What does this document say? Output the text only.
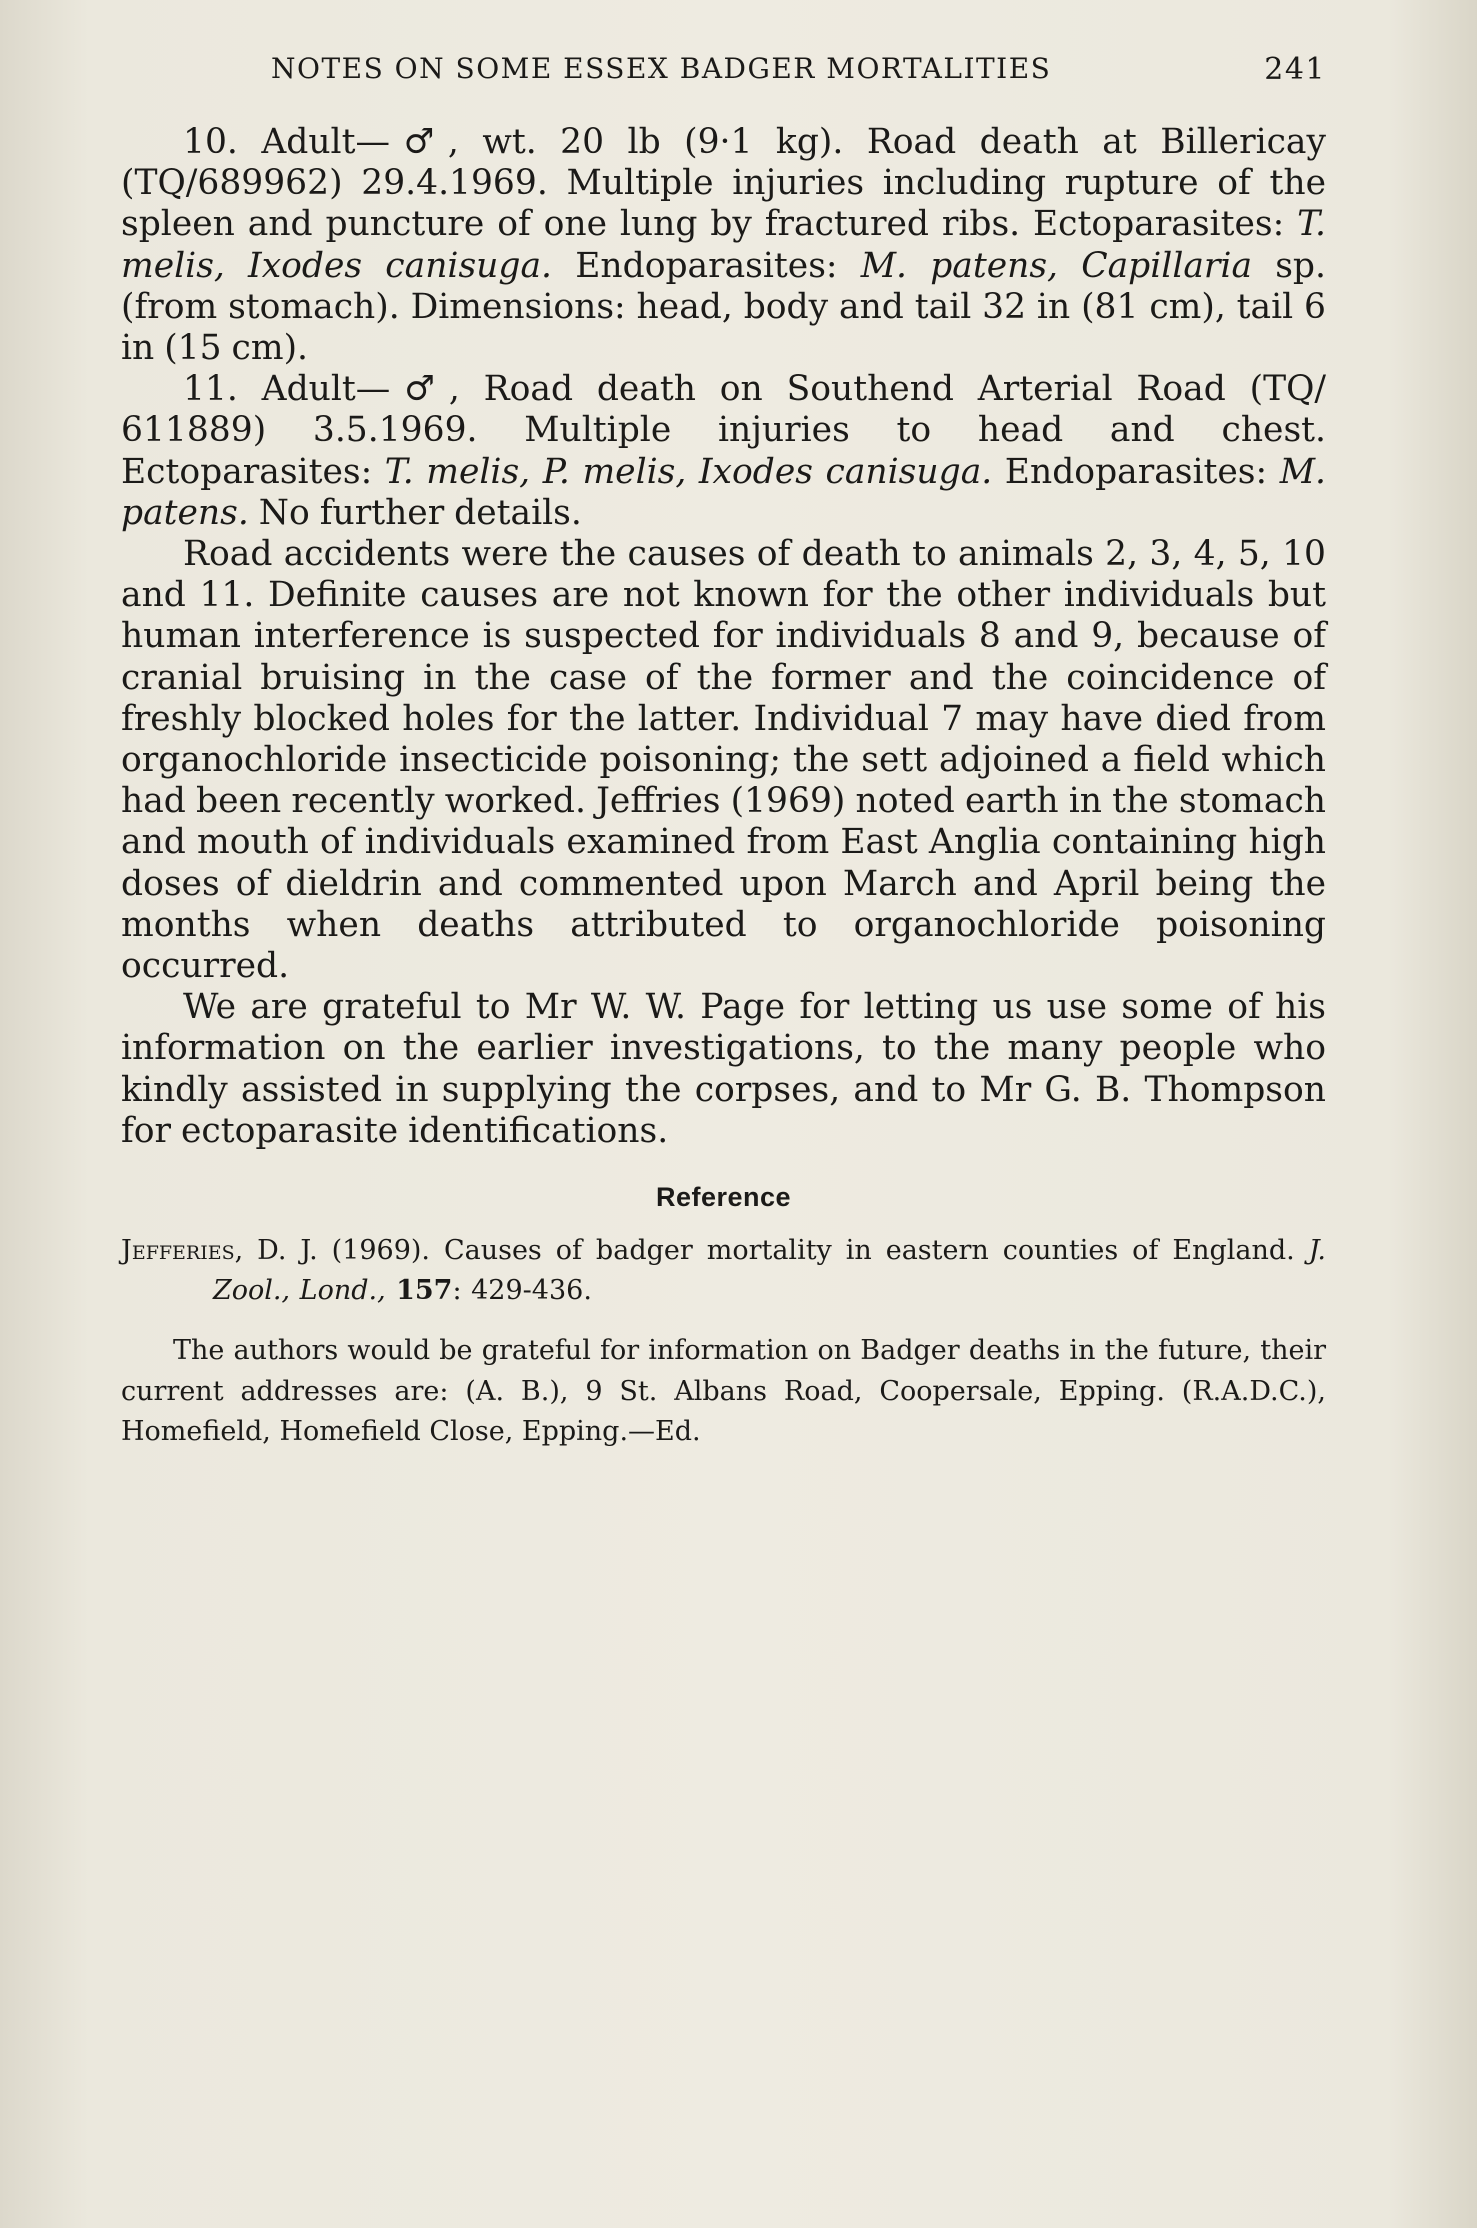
NOTES ON SOME ESSEX BADGER MORTALITIES	241

10. Adult—♂, wt. 20 lb (9·1 kg). Road death at Billericay (TQ/689962) 29.4.1969. Multiple injuries including rupture of the spleen and puncture of one lung by fractured ribs. Ectoparasites: T. melis, Ixodes canisuga. Endoparasites: M. patens, Capillaria sp. (from stomach). Dimensions: head, body and tail 32 in (81 cm), tail 6 in (15 cm).

11. Adult—♂, Road death on Southend Arterial Road (TQ/ 611889) 3.5.1969. Multiple injuries to head and chest. Ectoparasites: T. melis, P. melis, Ixodes canisuga. Endoparasites: M. patens. No further details.

Road accidents were the causes of death to animals 2, 3, 4, 5, 10 and 11. Definite causes are not known for the other individuals but human interference is suspected for individuals 8 and 9, because of cranial bruising in the case of the former and the coincidence of freshly blocked holes for the latter. Individual 7 may have died from organochloride insecticide poisoning; the sett adjoined a field which had been recently worked. Jeffries (1969) noted earth in the stomach and mouth of individuals examined from East Anglia containing high doses of dieldrin and commented upon March and April being the months when deaths attributed to organochloride poisoning occurred.

We are grateful to Mr W. W. Page for letting us use some of his information on the earlier investigations, to the many people who kindly assisted in supplying the corpses, and to Mr G. B. Thompson for ectoparasite identifications.

Reference
Jefferies, D. J. (1969). Causes of badger mortality in eastern counties of England. J. Zool., Lond., 157: 429-436.

The authors would be grateful for information on Badger deaths in the future, their current addresses are: (A. B.), 9 St. Albans Road, Coopersale, Epping. (R.A.D.C.), Homefield, Homefield Close, Epping.—Ed.
